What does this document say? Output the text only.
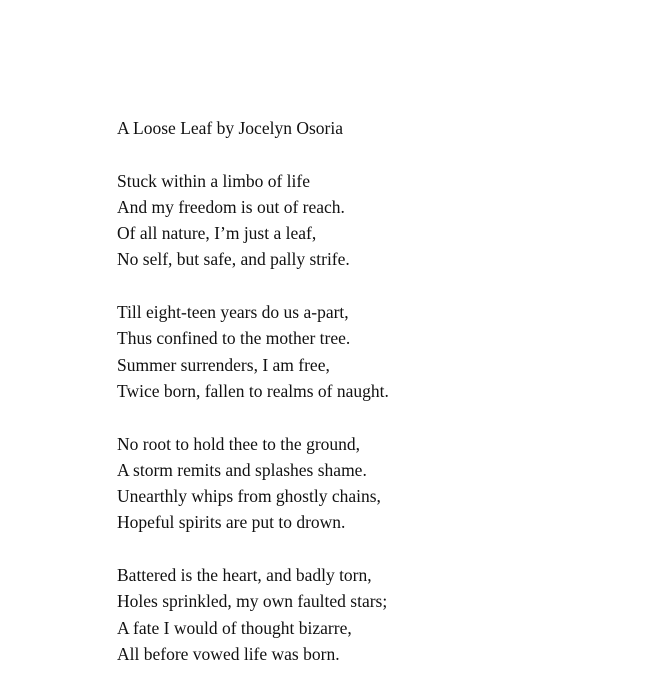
A Loose Leaf by Jocelyn Osoria
Stuck within a limbo of life
And my freedom is out of reach.
Of all nature, I’m just a leaf,
No self, but safe, and pally strife.
Till eight-teen years do us a-part,
Thus confined to the mother tree.
Summer surrenders, I am free,
Twice born, fallen to realms of naught.
No root to hold thee to the ground,
A storm remits and splashes shame.
Unearthly whips from ghostly chains,
Hopeful spirits are put to drown.
Battered is the heart, and badly torn,
Holes sprinkled, my own faulted stars;
A fate I would of thought bizarre,
All before vowed life was born.
